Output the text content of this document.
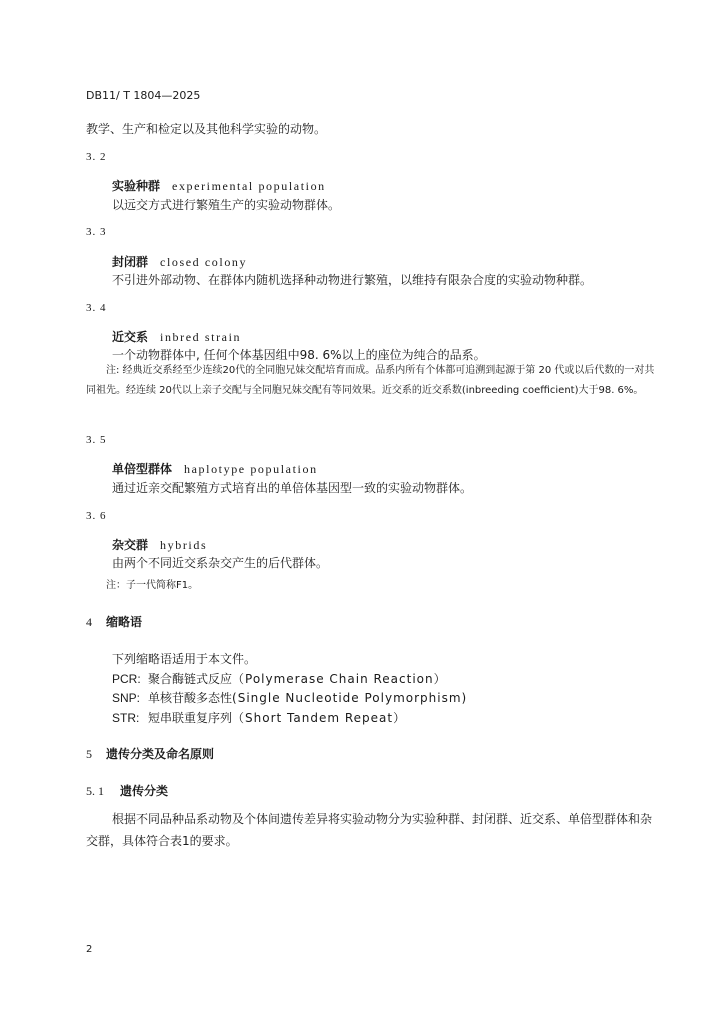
DB11/ T 1804—2025
教学、生产和检定以及其他科学实验的动物。
3. 2
实验种群 experimental population
以远交方式进行繁殖生产的实验动物群体。
3. 3
封闭群 closed colony
不引进外部动物、在群体内随机选择种动物进行繁殖，以维持有限杂合度的实验动物种群。
3. 4
近交系 inbred strain
一个动物群体中, 任何个体基因组中98. 6%以上的座位为纯合的品系。
注: 经典近交系经至少连续20代的全同胞兄妹交配培育而成。品系内所有个体都可追溯到起源于第 20 代或以后代数的一对共同祖先。经连续 20代以上亲子交配与全同胞兄妹交配有等同效果。近交系的近交系数(inbreeding coefficient)大于98. 6%。
3. 5
单倍型群体 haplotype population
通过近亲交配繁殖方式培育出的单倍体基因型一致的实验动物群体。
3. 6
杂交群 hybrids
由两个不同近交系杂交产生的后代群体。
注：子一代简称F1。
4 缩略语
下列缩略语适用于本文件。
PCR: 聚合酶链式反应（Polymerase Chain Reaction）
SNP: 单核苷酸多态性(Single Nucleotide Polymorphism)
STR: 短串联重复序列（Short Tandem Repeat）
5 遗传分类及命名原则
5. 1 遗传分类
根据不同品种品系动物及个体间遗传差异将实验动物分为实验种群、封闭群、近交系、单倍型群体和杂交群，具体符合表1的要求。
2
